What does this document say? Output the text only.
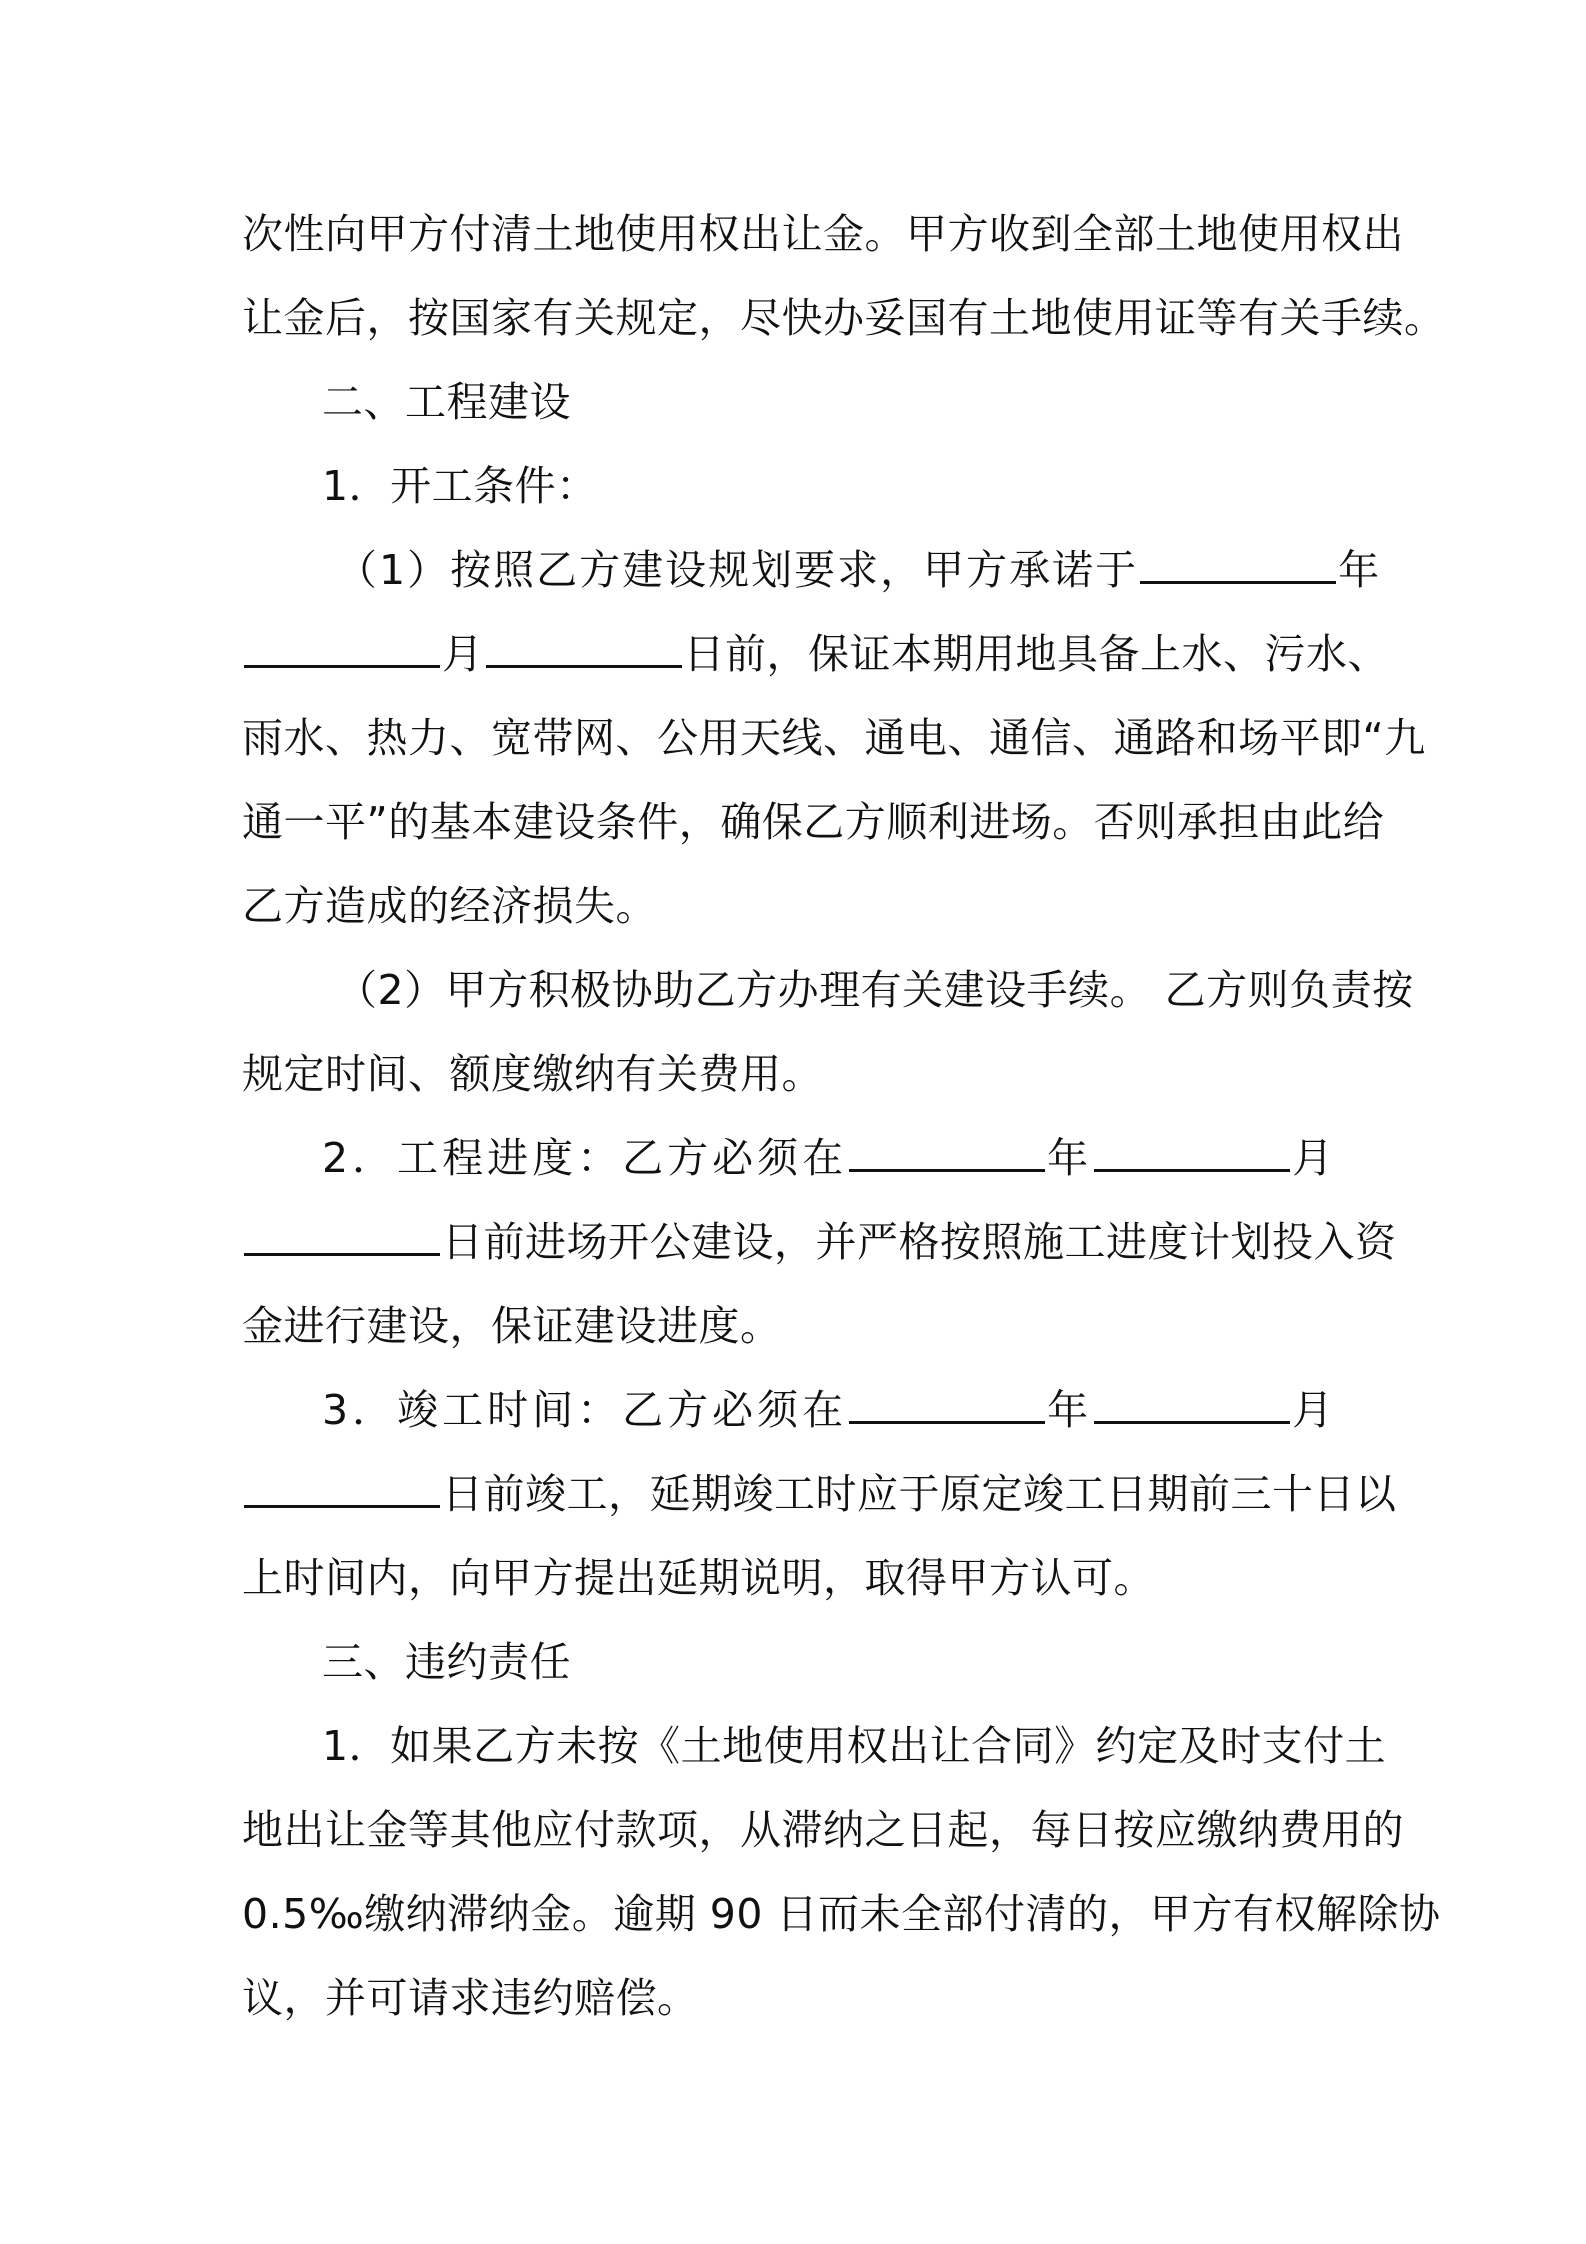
次性向甲方付清土地使用权出让金。甲方收到全部土地使用权出
让金后，按国家有关规定，尽快办妥国有土地使用证等有关手续。
二、工程建设
1．开工条件：
（1）按照乙方建设规划要求，甲方承诺于	年
月	日前，保证本期用地具备上水、污水、
雨水、热力、宽带网、公用天线、通电、通信、通路和场平即“九
通一平”的基本建设条件，确保乙方顺利进场。否则承担由此给
乙方造成的经济损失。
（2）甲方积极协助乙方办理有关建设手续。 乙方则负责按
规定时间、额度缴纳有关费用。
2．工程进度：乙方必须在	年	月
日前进场开公建设，并严格按照施工进度计划投入资
金进行建设，保证建设进度。
3．竣工时间：乙方必须在	年	月
日前竣工，延期竣工时应于原定竣工日期前三十日以
上时间内，向甲方提出延期说明，取得甲方认可。
三、违约责任
1．如果乙方未按《土地使用权出让合同》约定及时支付土
地出让金等其他应付款项，从滞纳之日起，每日按应缴纳费用的
0.5‰缴纳滞纳金。逾期 90 日而未全部付清的，甲方有权解除协
议，并可请求违约赔偿。
